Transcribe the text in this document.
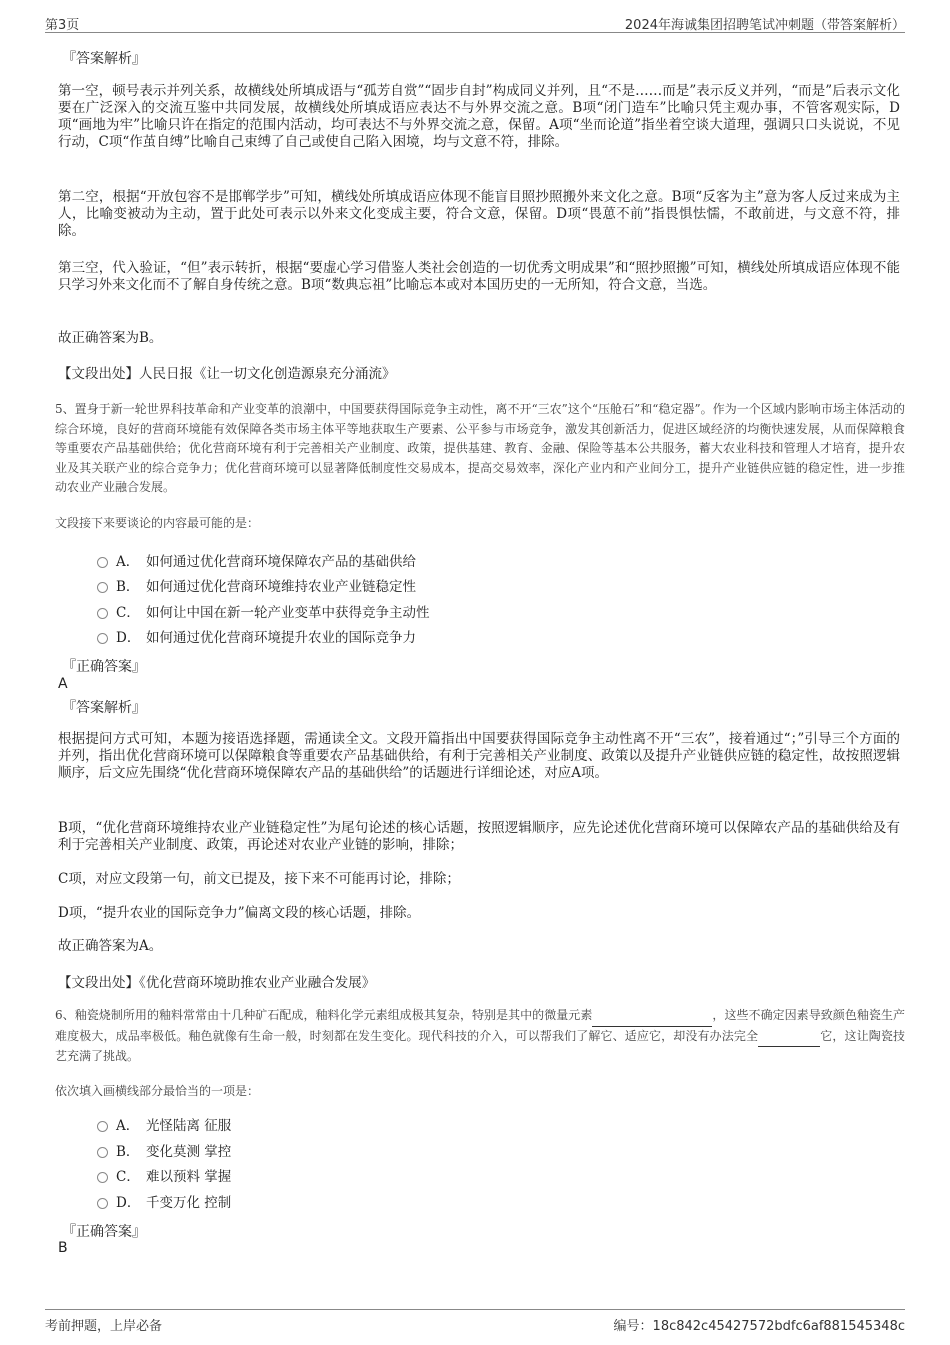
第3页	2024年海诚集团招聘笔试冲刺题（带答案解析）
『答案解析』

第一空，顿号表示并列关系，故横线处所填成语与“孤芳自赏”“固步自封”构成同义并列，且“不是……而是”表示反义并列，“而是”后表示文化要在广泛深入的交流互鉴中共同发展，故横线处所填成语应表达不与外界交流之意。B项“闭门造车”比喻只凭主观办事，不管客观实际，D项“画地为牢”比喻只许在指定的范围内活动，均可表达不与外界交流之意，保留。A项“坐而论道”指坐着空谈大道理，强调只口头说说，不见行动，C项“作茧自缚”比喻自己束缚了自己或使自己陷入困境，均与文意不符，排除。

第二空，根据“开放包容不是邯郸学步”可知，横线处所填成语应体现不能盲目照抄照搬外来文化之意。B项“反客为主”意为客人反过来成为主人，比喻变被动为主动，置于此处可表示以外来文化变成主要，符合文意，保留。D项“畏葸不前”指畏惧怯懦，不敢前进，与文意不符，排除。

第三空，代入验证，“但”表示转折，根据“要虚心学习借鉴人类社会创造的一切优秀文明成果”和“照抄照搬”可知，横线处所填成语应体现不能只学习外来文化而不了解自身传统之意。B项“数典忘祖”比喻忘本或对本国历史的一无所知，符合文意，当选。

故正确答案为B。
【文段出处】人民日报《让一切文化创造源泉充分涌流》

5、置身于新一轮世界科技革命和产业变革的浪潮中，中国要获得国际竞争主动性，离不开“三农”这个“压舱石”和“稳定器”。作为一个区域内影响市场主体活动的综合环境，良好的营商环境能有效保障各类市场主体平等地获取生产要素、公平参与市场竞争，激发其创新活力，促进区域经济的均衡快速发展，从而保障粮食等重要农产品基础供给；优化营商环境有利于完善相关产业制度、政策，提供基建、教育、金融、保险等基本公共服务，蓄大农业科技和管理人才培育，提升农业及其关联产业的综合竞争力；优化营商环境可以显著降低制度性交易成本，提高交易效率，深化产业内和产业间分工，提升产业链供应链的稳定性，进一步推动农业产业融合发展。

文段接下来要谈论的内容最可能的是：
A． 如何通过优化营商环境保障农产品的基础供给
B． 如何通过优化营商环境维持农业产业链稳定性
C． 如何让中国在新一轮产业变革中获得竞争主动性
D． 如何通过优化营商环境提升农业的国际竞争力
『正确答案』
A
『答案解析』

根据提问方式可知，本题为接语选择题，需通读全文。文段开篇指出中国要获得国际竞争主动性离不开“三农”，接着通过“；”引导三个方面的并列，指出优化营商环境可以保障粮食等重要农产品基础供给，有利于完善相关产业制度、政策以及提升产业链供应链的稳定性，故按照逻辑顺序，后文应先围绕“优化营商环境保障农产品的基础供给”的话题进行详细论述，对应A项。

B项，“优化营商环境维持农业产业链稳定性”为尾句论述的核心话题，按照逻辑顺序，应先论述优化营商环境可以保障农产品的基础供给及有利于完善相关产业制度、政策，再论述对农业产业链的影响，排除；

C项，对应文段第一句，前文已提及，接下来不可能再讨论，排除；

D项，“提升农业的国际竞争力”偏离文段的核心话题，排除。

故正确答案为A。
【文段出处】《优化营商环境助推农业产业融合发展》

6、釉瓷烧制所用的釉料常常由十几种矿石配成，釉料化学元素组成极其复杂，特别是其中的微量元素	，这些不确定因素导致颜色釉瓷生产难度极大，成品率极低。釉色就像有生命一般，时刻都在发生变化。现代科技的介入，可以帮我们了解它、适应它，却没有办法完全	它，这让陶瓷技艺充满了挑战。

依次填入画横线部分最恰当的一项是：
A． 光怪陆离 征服
B． 变化莫测 掌控
C． 难以预料 掌握
D． 千变万化 控制
『正确答案』
B
考前押题，上岸必备	编号：18c842c45427572bdfc6af881545348c
